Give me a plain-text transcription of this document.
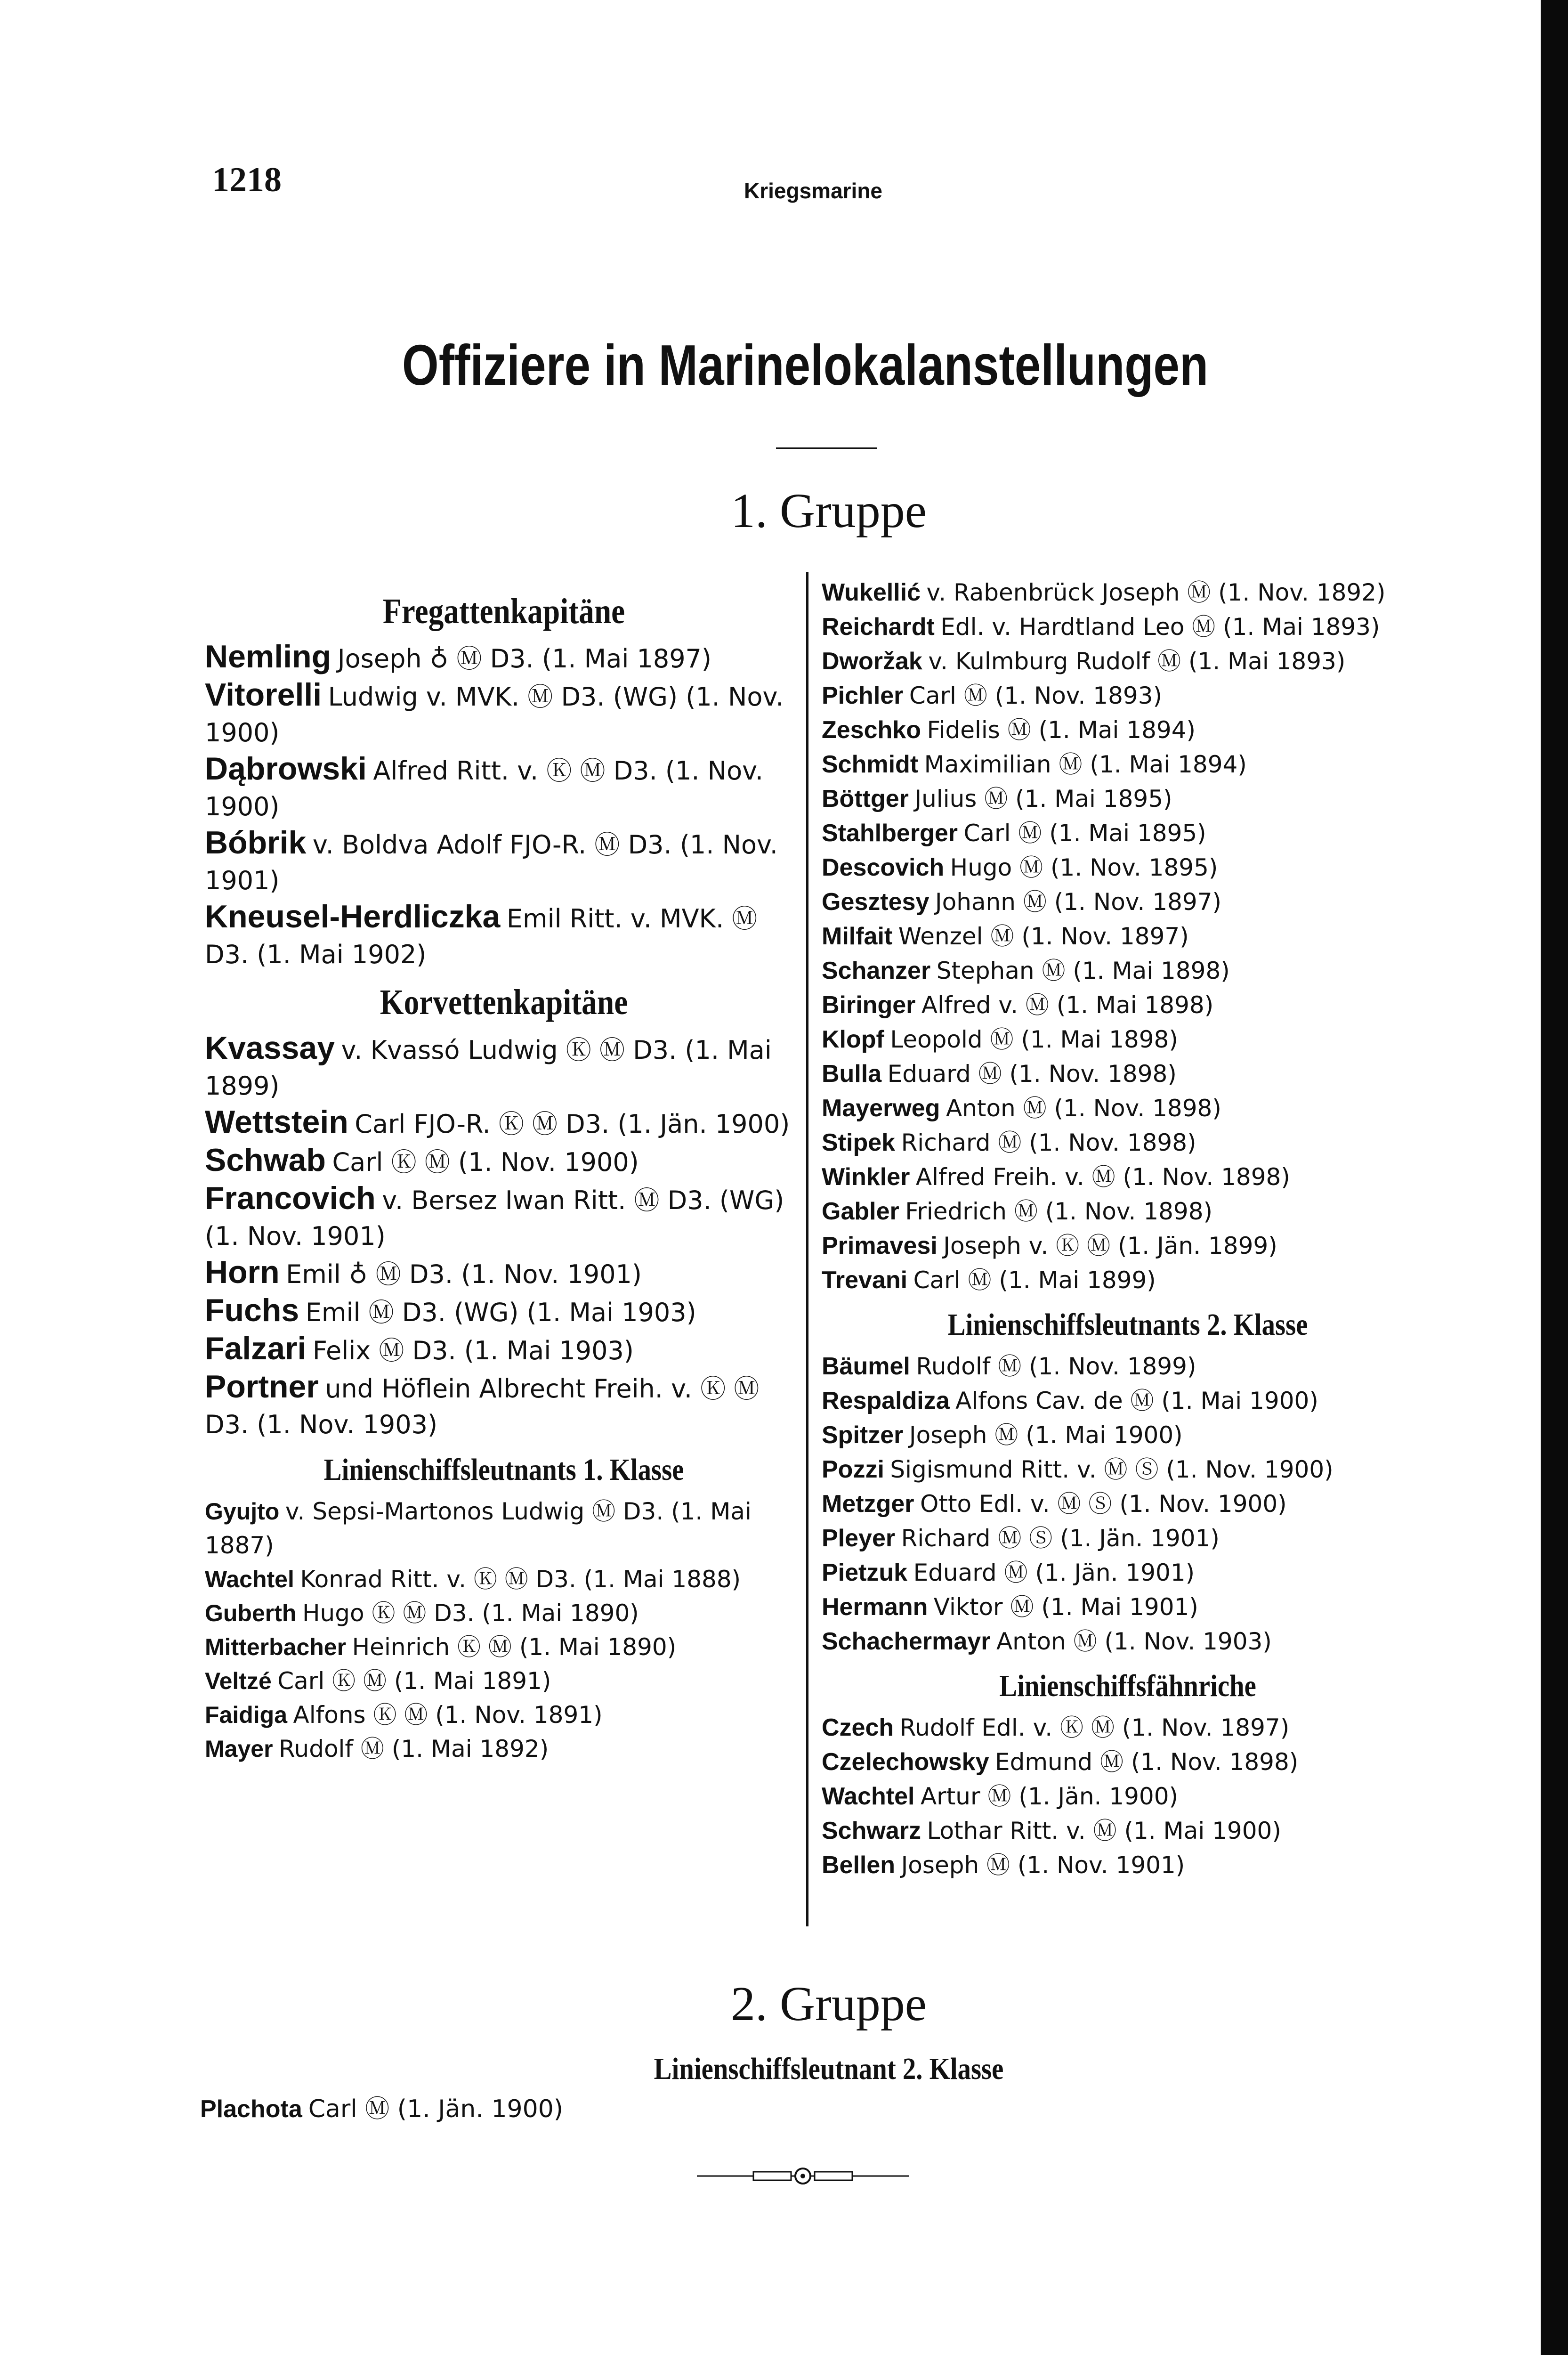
1218	Kriegsmarine
Offiziere in Marinelokalanstellungen
1. Gruppe
Fregattenkapitäne
Nemling Joseph ♁ Ⓜ D3. (1. Mai 1897)
Vitorelli Ludwig v. MVK. Ⓜ D3. (WG) (1. Nov. 1900)
Dąbrowski Alfred Ritt. v. Ⓚ Ⓜ D3. (1. Nov. 1900)
Bóbrik v. Boldva Adolf FJO-R. Ⓜ D3. (1. Nov. 1901)
Kneusel-Herdliczka Emil Ritt. v. MVK. Ⓜ D3. (1. Mai 1902)
Korvettenkapitäne
Kvassay v. Kvassó Ludwig Ⓚ Ⓜ D3. (1. Mai 1899)
Wettstein Carl FJO-R. Ⓚ Ⓜ D3. (1. Jän. 1900)
Schwab Carl Ⓚ Ⓜ (1. Nov. 1900)
Francovich v. Bersez Iwan Ritt. Ⓜ D3. (WG) (1. Nov. 1901)
Horn Emil ♁ Ⓜ D3. (1. Nov. 1901)
Fuchs Emil Ⓜ D3. (WG) (1. Mai 1903)
Falzari Felix Ⓜ D3. (1. Mai 1903)
Portner und Höflein Albrecht Freih. v. Ⓚ Ⓜ D3. (1. Nov. 1903)
Linienschiffsleutnants 1. Klasse
Gyujto v. Sepsi-Martonos Ludwig Ⓜ D3. (1. Mai 1887)
Wachtel Konrad Ritt. v. Ⓚ Ⓜ D3. (1. Mai 1888)
Guberth Hugo Ⓚ Ⓜ D3. (1. Mai 1890)
Mitterbacher Heinrich Ⓚ Ⓜ (1. Mai 1890)
Veltzé Carl Ⓚ Ⓜ (1. Mai 1891)
Faidiga Alfons Ⓚ Ⓜ (1. Nov. 1891)
Mayer Rudolf Ⓜ (1. Mai 1892)
Wukellić v. Rabenbrück Joseph Ⓜ (1. Nov. 1892)
Reichardt Edl. v. Hardtland Leo Ⓜ (1. Mai 1893)
Dworžak v. Kulmburg Rudolf Ⓜ (1. Mai 1893)
Pichler Carl Ⓜ (1. Nov. 1893)
Zeschko Fidelis Ⓜ (1. Mai 1894)
Schmidt Maximilian Ⓜ (1. Mai 1894)
Böttger Julius Ⓜ (1. Mai 1895)
Stahlberger Carl Ⓜ (1. Mai 1895)
Descovich Hugo Ⓜ (1. Nov. 1895)
Gesztesy Johann Ⓜ (1. Nov. 1897)
Milfait Wenzel Ⓜ (1. Nov. 1897)
Schanzer Stephan Ⓜ (1. Mai 1898)
Biringer Alfred v. Ⓜ (1. Mai 1898)
Klopf Leopold Ⓜ (1. Mai 1898)
Bulla Eduard Ⓜ (1. Nov. 1898)
Mayerweg Anton Ⓜ (1. Nov. 1898)
Stipek Richard Ⓜ (1. Nov. 1898)
Winkler Alfred Freih. v. Ⓜ (1. Nov. 1898)
Gabler Friedrich Ⓜ (1. Nov. 1898)
Primavesi Joseph v. Ⓚ Ⓜ (1. Jän. 1899)
Trevani Carl Ⓜ (1. Mai 1899)
Linienschiffsleutnants 2. Klasse
Bäumel Rudolf Ⓜ (1. Nov. 1899)
Respaldiza Alfons Cav. de Ⓜ (1. Mai 1900)
Spitzer Joseph Ⓜ (1. Mai 1900)
Pozzi Sigismund Ritt. v. Ⓜ Ⓢ (1. Nov. 1900)
Metzger Otto Edl. v. Ⓜ Ⓢ (1. Nov. 1900)
Pleyer Richard Ⓜ Ⓢ (1. Jän. 1901)
Pietzuk Eduard Ⓜ (1. Jän. 1901)
Hermann Viktor Ⓜ (1. Mai 1901)
Schachermayr Anton Ⓜ (1. Nov. 1903)
Linienschiffsfähnriche
Czech Rudolf Edl. v. Ⓚ Ⓜ (1. Nov. 1897)
Czelechowsky Edmund Ⓜ (1. Nov. 1898)
Wachtel Artur Ⓜ (1. Jän. 1900)
Schwarz Lothar Ritt. v. Ⓜ (1. Mai 1900)
Bellen Joseph Ⓜ (1. Nov. 1901)
2. Gruppe
Linienschiffsleutnant 2. Klasse
Plachota Carl Ⓜ (1. Jän. 1900)
